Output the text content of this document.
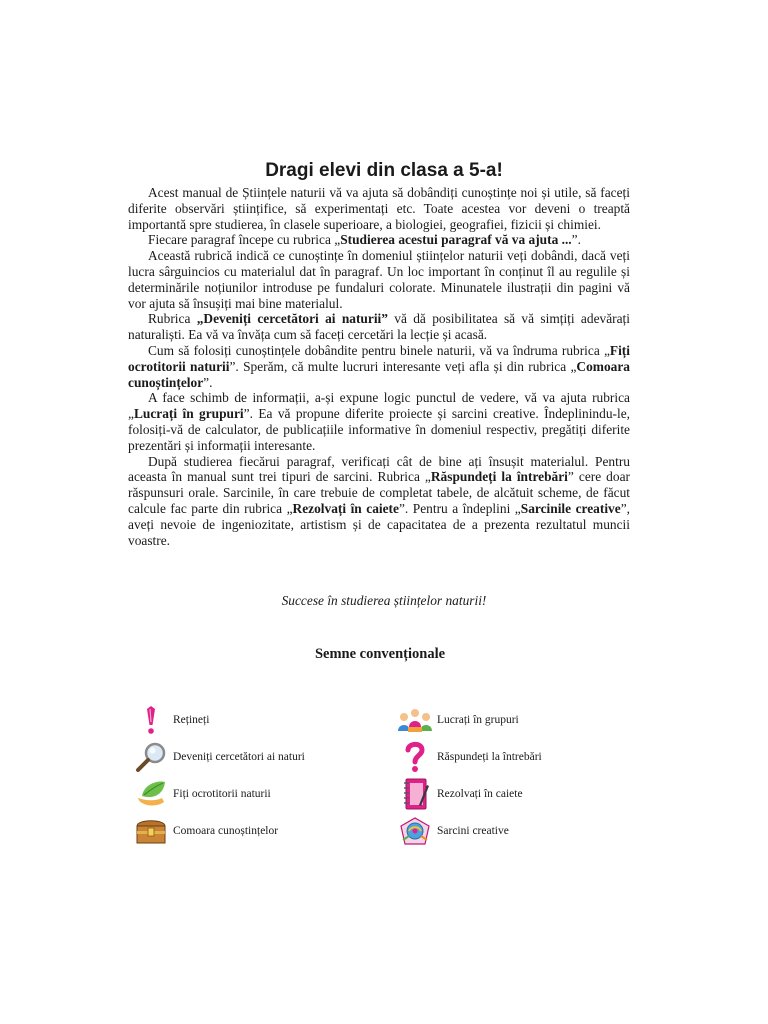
Dragi elevi din clasa a 5-a!

Acest manual de Științele naturii vă va ajuta să dobândiți cunoștințe noi și utile, să faceți diferite observări științifice, să experimentați etc. Toate acestea vor deveni o treaptă importantă spre studierea, în clasele superioare, a biologiei, geografiei, fizicii și chimiei.

Fiecare paragraf începe cu rubrica „Studierea acestui paragraf vă va ajuta ...”.

Această rubrică indică ce cunoștințe în domeniul științelor naturii veți dobândi, dacă veți lucra sârguincios cu materialul dat în paragraf. Un loc important în conținut îl au regulile și determinările noțiunilor introduse pe fundaluri colorate. Minunatele ilustrații din pagini vă vor ajuta să însușiți mai bine materialul.

Rubrica „Deveniți cercetători ai naturii” vă dă posibilitatea să vă simțiți adevărați naturaliști. Ea vă va învăța cum să faceți cercetări la lecție și acasă.

Cum să folosiți cunoștințele dobândite pentru binele naturii, vă va îndruma rubrica „Fiți ocrotitorii naturii”. Sperăm, că multe lucruri interesante veți afla și din rubrica „Comoara cunoștințelor”.

A face schimb de informații, a-și expune logic punctul de vedere, vă va ajuta rubrica „Lucrați în grupuri”. Ea vă propune diferite proiecte și sarcini creative. Îndeplinindu-le, folosiți-vă de calculator, de publicațiile informative în domeniul respectiv, pregătiți diferite prezentări și informații interesante.

După studierea fiecărui paragraf, verificați cât de bine ați însușit materialul. Pentru aceasta în manual sunt trei tipuri de sarcini. Rubrica „Răspundeți la întrebări” cere doar răspunsuri orale. Sarcinile, în care trebuie de completat tabele, de alcătuit scheme, de făcut calcule fac parte din rubrica „Rezolvați în caiete”. Pentru a îndeplini „Sarcinile creative”, aveți nevoie de ingeniozitate, artistism și de capacitatea de a prezenta rezultatul muncii voastre.

Succese în studierea științelor naturii!
Semne convenționale
Rețineți
Deveniți cercetători ai naturi
Fiți ocrotitorii naturii
Comoara cunoștințelor
Lucrați în grupuri
Răspundeți la întrebări
Rezolvați în caiete
Sarcini creative
